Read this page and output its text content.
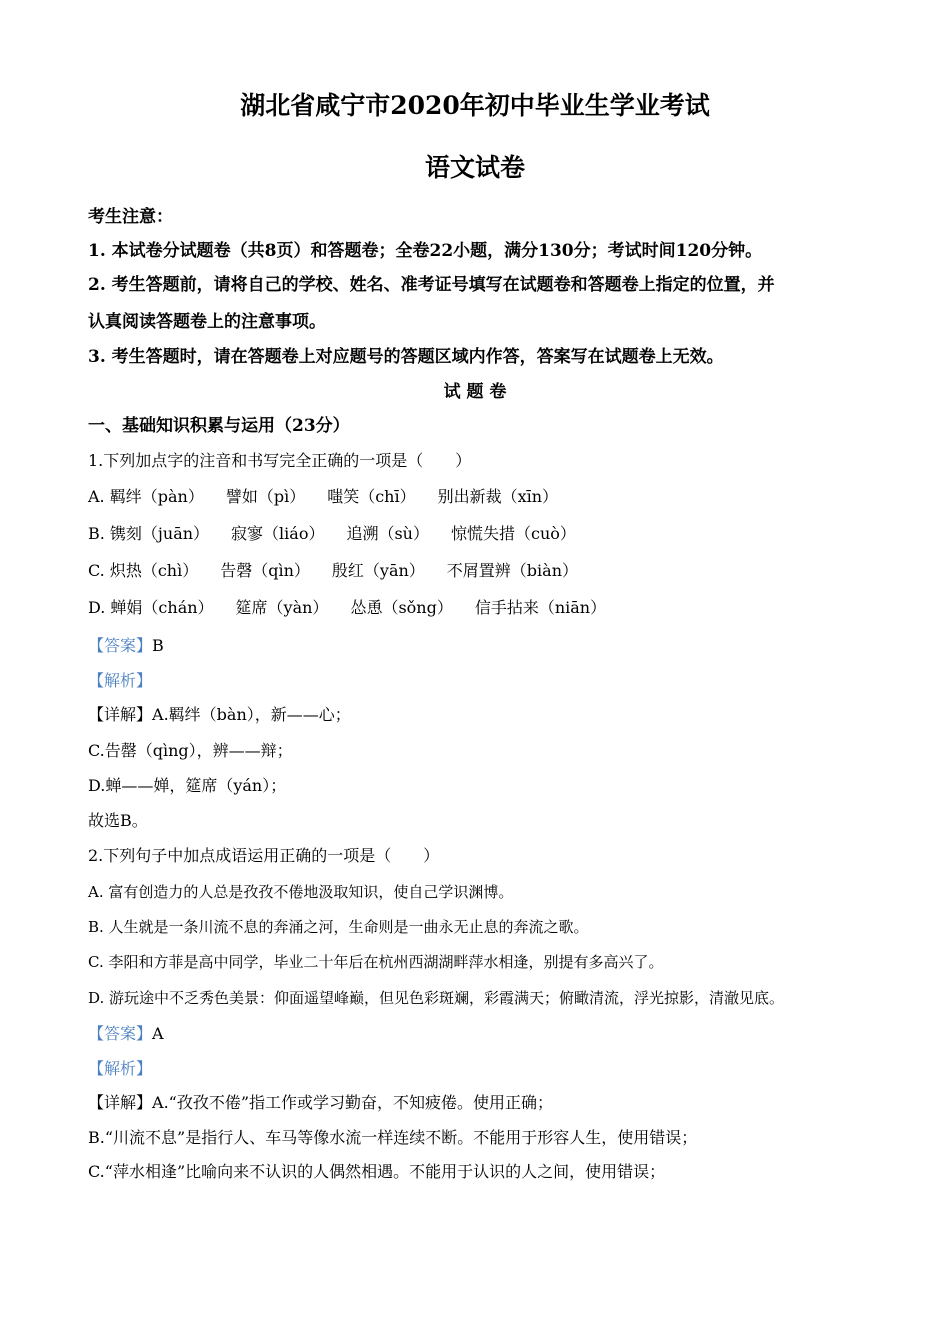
湖北省咸宁市2020年初中毕业生学业考试
语文试卷
考生注意：
1. 本试卷分试题卷（共8页）和答题卷；全卷22小题，满分130分；考试时间120分钟。
2. 考生答题前，请将自己的学校、姓名、准考证号填写在试题卷和答题卷上指定的位置，并
认真阅读答题卷上的注意事项。
3. 考生答题时，请在答题卷上对应题号的答题区域内作答，答案写在试题卷上无效。
试 题 卷
一、基础知识积累与运用（23分）
1.下列加点字的注音和书写完全正确的一项是（　　）
A. 羁绊（pàn） 譬如（pì） 嗤笑（chī） 别出新裁（xīn）
B. 镌刻（juān） 寂寥（liáo） 追溯（sù） 惊慌失措（cuò）
C. 炽热（chì） 告磬（qìn） 殷红（yān） 不屑置辨（biàn）
D. 蝉娟（chán） 筵席（yàn） 怂恿（sǒng） 信手拈来（niān）
【答案】B
【解析】
【详解】A.羁绊（bàn），新——心；
C.告罄（qìng），辨——辩；
D.蝉——婵，筵席（yán）；
故选B。
2.下列句子中加点成语运用正确的一项是（　　）
A. 富有创造力的人总是孜孜不倦地汲取知识，使自己学识渊博。
B. 人生就是一条川流不息的奔涌之河，生命则是一曲永无止息的奔流之歌。
C. 李阳和方菲是高中同学，毕业二十年后在杭州西湖湖畔萍水相逢，别提有多高兴了。
D. 游玩途中不乏秀色美景：仰面遥望峰巅，但见色彩斑斓，彩霞满天；俯瞰清流，浮光掠影，清澈见底。
【答案】A
【解析】
【详解】A.“孜孜不倦”指工作或学习勤奋，不知疲倦。使用正确；
B.“川流不息”是指行人、车马等像水流一样连续不断。不能用于形容人生，使用错误；
C.“萍水相逢”比喻向来不认识的人偶然相遇。不能用于认识的人之间，使用错误；
